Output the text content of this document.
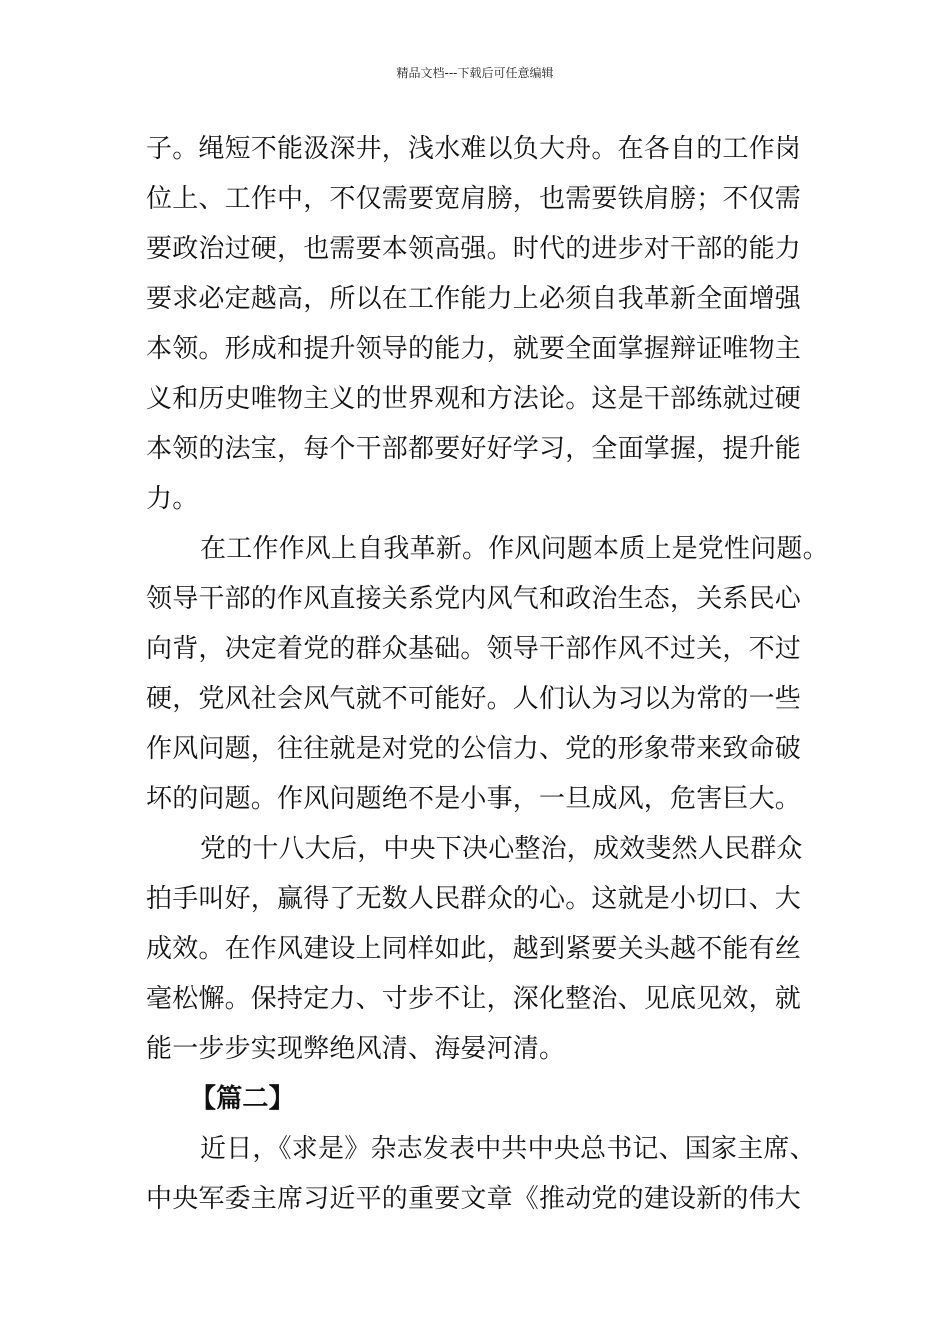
精品文档---下载后可任意编辑
子。绳短不能汲深井，浅水难以负大舟。在各自的工作岗
位上、工作中，不仅需要宽肩膀，也需要铁肩膀；不仅需
要政治过硬，也需要本领高强。时代的进步对干部的能力
要求必定越高，所以在工作能力上必须自我革新全面增强
本领。形成和提升领导的能力，就要全面掌握辩证唯物主
义和历史唯物主义的世界观和方法论。这是干部练就过硬
本领的法宝，每个干部都要好好学习，全面掌握，提升能
力。
在工作作风上自我革新。作风问题本质上是党性问题。
领导干部的作风直接关系党内风气和政治生态，关系民心
向背，决定着党的群众基础。领导干部作风不过关，不过
硬，党风社会风气就不可能好。人们认为习以为常的一些
作风问题，往往就是对党的公信力、党的形象带来致命破
坏的问题。作风问题绝不是小事，一旦成风，危害巨大。
党的十八大后，中央下决心整治，成效斐然人民群众
拍手叫好，赢得了无数人民群众的心。这就是小切口、大
成效。在作风建设上同样如此，越到紧要关头越不能有丝
毫松懈。保持定力、寸步不让，深化整治、见底见效，就
能一步步实现弊绝风清、海晏河清。
【篇二】
近日，《求是》杂志发表中共中央总书记、国家主席、
中央军委主席习近平的重要文章《推动党的建设新的伟大
